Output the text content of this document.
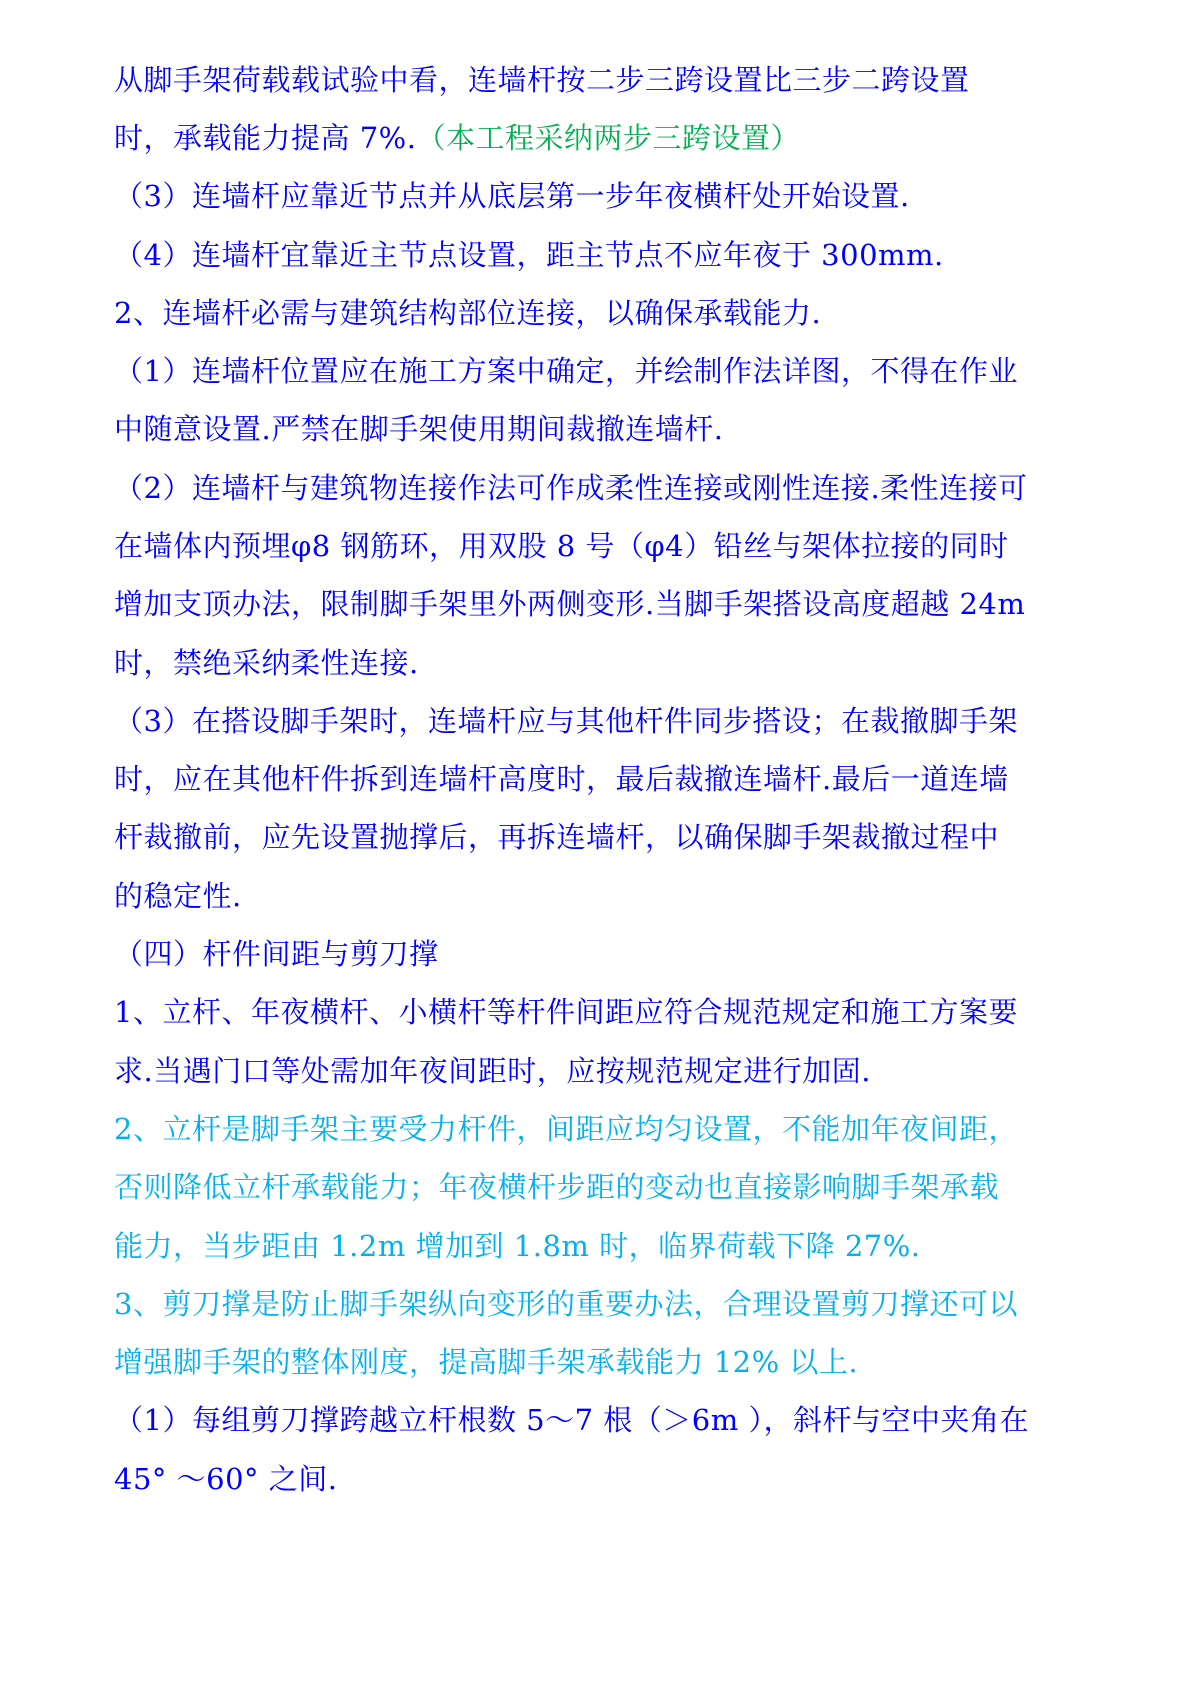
从脚手架荷载载试验中看，连墙杆按二步三跨设置比三步二跨设置
时，承载能力提高 7%.（本工程采纳两步三跨设置）
（3）连墙杆应靠近节点并从底层第一步年夜横杆处开始设置.
（4）连墙杆宜靠近主节点设置，距主节点不应年夜于 300mm.
2、连墙杆必需与建筑结构部位连接，以确保承载能力.
（1）连墙杆位置应在施工方案中确定，并绘制作法详图，不得在作业
中随意设置.严禁在脚手架使用期间裁撤连墙杆.
（2）连墙杆与建筑物连接作法可作成柔性连接或刚性连接.柔性连接可
在墙体内预埋φ8 钢筋环，用双股 8 号（φ4）铅丝与架体拉接的同时
增加支顶办法，限制脚手架里外两侧变形.当脚手架搭设高度超越 24m
时，禁绝采纳柔性连接.
（3）在搭设脚手架时，连墙杆应与其他杆件同步搭设；在裁撤脚手架
时，应在其他杆件拆到连墙杆高度时，最后裁撤连墙杆.最后一道连墙
杆裁撤前，应先设置抛撑后，再拆连墙杆，以确保脚手架裁撤过程中
的稳定性.
（四）杆件间距与剪刀撑
1、立杆、年夜横杆、小横杆等杆件间距应符合规范规定和施工方案要
求.当遇门口等处需加年夜间距时，应按规范规定进行加固.
2、立杆是脚手架主要受力杆件，间距应均匀设置，不能加年夜间距，
否则降低立杆承载能力；年夜横杆步距的变动也直接影响脚手架承载
能力，当步距由 1.2m 增加到 1.8m 时，临界荷载下降 27%.
3、剪刀撑是防止脚手架纵向变形的重要办法，合理设置剪刀撑还可以
增强脚手架的整体刚度，提高脚手架承载能力 12% 以上.
（1）每组剪刀撑跨越立杆根数 5～7 根（＞6m ），斜杆与空中夹角在
45° ～60° 之间.
